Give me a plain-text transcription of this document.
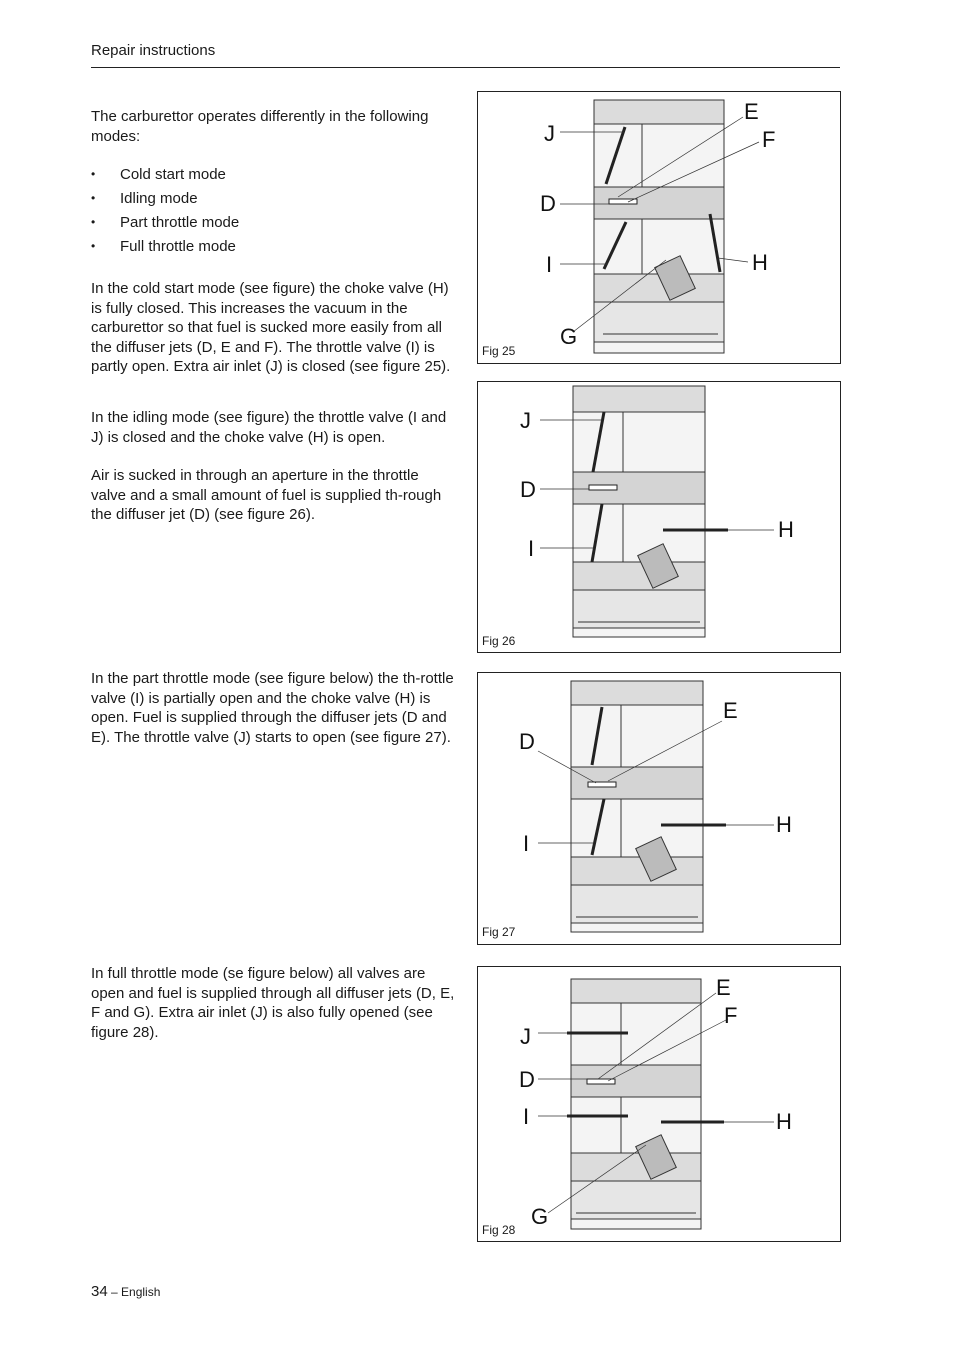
Repair instructions

The carburettor operates differently in the following modes:

• Cold start mode
• Idling mode
• Part throttle mode
• Full throttle mode
In the cold start mode (see figure) the choke valve (H) is fully closed. This increases the vacuum in the carburettor so that fuel is sucked more easily from all the diffuser jets (D, E and F). The throttle valve (I) is partly open. Extra air inlet (J) is closed (see figure 25).
In the idling mode (see figure) the throttle valve (I and J) is closed and the choke valve (H) is open.
Air is sucked in through an aperture in the throttle valve and a small amount of fuel is supplied th-rough the diffuser jet (D) (see figure 26).
In the part throttle mode (see figure below) the th-rottle valve (I) is partially open and the choke valve (H) is open. Fuel is supplied through the diffuser jets (D and E). The throttle valve (J) starts to open (see figure 27).
In full throttle mode (se figure below) all valves are open and fuel is supplied through all diffuser jets (D, E, F and G). Extra air inlet (J) is also fully opened (see figure 28).
J
E
F
D
I	H
G
Fig 25
J
D
H
I
Fig 26
E
D
H
I
Fig 27
E
F
J
D
I	H
G
Fig 28
34 – English
